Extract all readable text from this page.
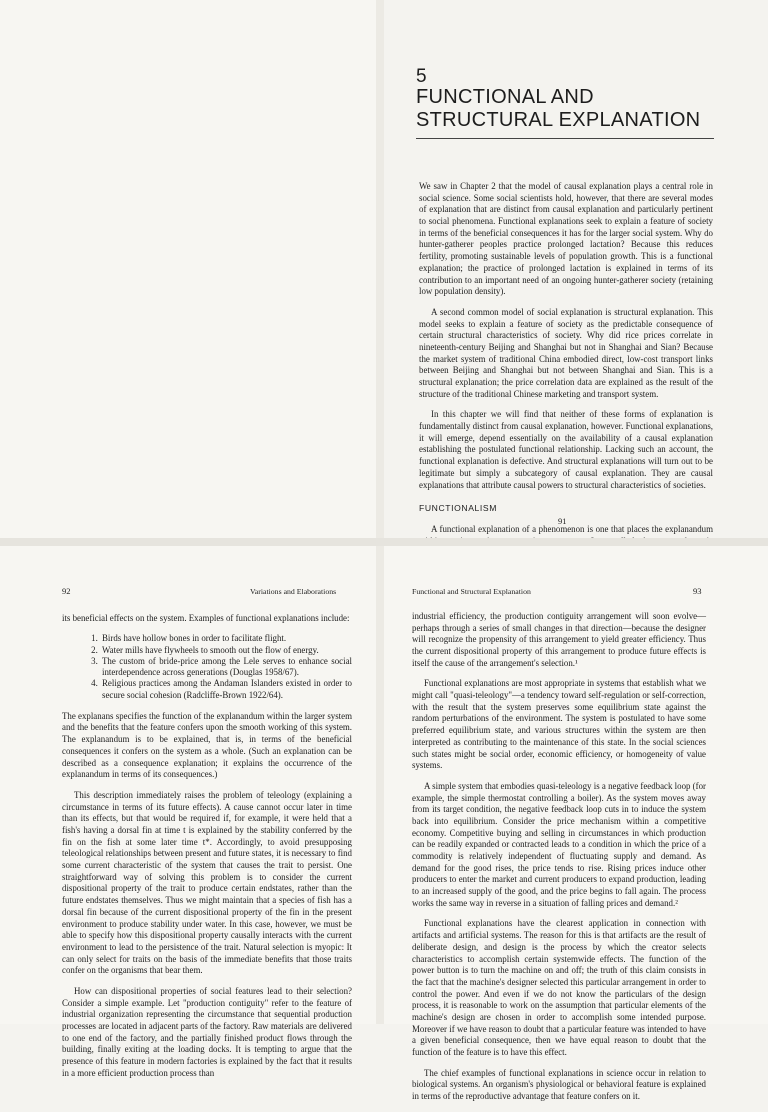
5
FUNCTIONAL AND
STRUCTURAL EXPLANATION

We saw in Chapter 2 that the model of causal explanation plays a central role in social science. Some social scientists hold, however, that there are several modes of explanation that are distinct from causal explanation and particularly pertinent to social phenomena. Functional explanations seek to explain a feature of society in terms of the beneficial consequences it has for the larger social system. Why do hunter-gatherer peoples practice prolonged lactation? Because this reduces fertility, promoting sustainable levels of population growth. This is a functional explanation; the practice of prolonged lactation is explained in terms of its contribution to an important need of an ongoing hunter-gatherer society (retaining low population density).

A second common model of social explanation is structural explanation. This model seeks to explain a feature of society as the predictable consequence of certain structural characteristics of society. Why did rice prices correlate in nineteenth-century Beijing and Shanghai but not in Shanghai and Sian? Because the market system of traditional China embodied direct, low-cost transport links between Beijing and Shanghai but not between Shanghai and Sian. This is a structural explanation; the price correlation data are explained as the result of the structure of the traditional Chinese marketing and transport system.

In this chapter we will find that neither of these forms of explanation is fundamentally distinct from causal explanation, however. Functional explanations, it will emerge, depend essentially on the availability of a causal explanation establishing the postulated functional relationship. Lacking such an account, the functional explanation is defective. And structural explanations will turn out to be legitimate but simply a subcategory of causal explanation. They are causal explanations that attribute causal powers to structural characteristics of societies.

FUNCTIONALISM

A functional explanation of a phenomenon is one that places the explanandum

91
92	Variations and Elaborations

its beneficial effects on the system. Examples of functional explanations include:

1. Birds have hollow bones in order to facilitate flight.
2. Water mills have flywheels to smooth out the flow of energy.
3. The custom of bride-price among the Lele serves to enhance social interdependence across generations (Douglas 1958/67).
4. Religious practices among the Andaman Islanders existed in order to secure social cohesion (Radcliffe-Brown 1922/64).

The explanans specifies the function of the explanandum within the larger system and the benefits that the feature confers upon the smooth working of this system. The explanandum is to be explained, that is, in terms of the beneficial consequences it confers on the system as a whole. (Such an explanation can be described as a consequence explanation; it explains the occurrence of the explanandum in terms of its consequences.)

This description immediately raises the problem of teleology (explaining a circumstance in terms of its future effects). A cause cannot occur later in time than its effects, but that would be required if, for example, it were held that a fish's having a dorsal fin at time t is explained by the stability conferred by the fin on the fish at some later time t*. Accordingly, to avoid presupposing teleological relationships between present and future states, it is necessary to find some current characteristic of the system that causes the trait to persist. One straightforward way of solving this problem is to consider the current dispositional property of the trait to produce certain endstates, rather than the future endstates themselves. Thus we might maintain that a species of fish has a dorsal fin because of the current dispositional property of the fin in the present environment to produce stability under water. In this case, however, we must be able to specify how this dispositional property causally interacts with the current environment to lead to the persistence of the trait. Natural selection is myopic: It can only select for traits on the basis of the immediate benefits that those traits confer on the organisms that bear them.

How can dispositional properties of social features lead to their selection? Consider a simple example. Let "production contiguity" refer to the feature of industrial organization representing the circumstance that sequential production processes are located in adjacent parts of the factory. Raw materials are delivered to one end of the factory, and the partially finished product flows through the building, finally exiting at the loading docks. It is tempting to argue that the presence of this feature in modern factories is explained by the fact that it results in a more efficient production process than

Functional and Structural Explanation	93

industrial efficiency, the production contiguity arrangement will soon evolve—perhaps through a series of small changes in that direction—because the designer will recognize the propensity of this arrangement to yield greater efficiency. Thus the current dispositional property of this arrangement to produce future effects is itself the cause of the arrangement's selection.¹

Functional explanations are most appropriate in systems that establish what we might call "quasi-teleology"—a tendency toward self-regulation or self-correction, with the result that the system preserves some equilibrium state against the random perturbations of the environment. The system is postulated to have some preferred equilibrium state, and various structures within the system are then interpreted as contributing to the maintenance of this state. In the social sciences such states might be social order, economic efficiency, or homogeneity of value systems.

A simple system that embodies quasi-teleology is a negative feedback loop (for example, the simple thermostat controlling a boiler). As the system moves away from its target condition, the negative feedback loop cuts in to induce the system back into equilibrium. Consider the price mechanism within a competitive economy. Competitive buying and selling in circumstances in which production can be readily expanded or contracted leads to a condition in which the price of a commodity is relatively independent of fluctuating supply and demand. As demand for the good rises, the price tends to rise. Rising prices induce other producers to enter the market and current producers to expand production, leading to an increased supply of the good, and the price begins to fall again. The process works the same way in reverse in a situation of falling prices and demand.²

Functional explanations have the clearest application in connection with artifacts and artificial systems. The reason for this is that artifacts are the result of deliberate design, and design is the process by which the creator selects characteristics to accomplish certain systemwide effects. The function of the power button is to turn the machine on and off; the truth of this claim consists in the fact that the machine's designer selected this particular arrangement in order to control the power. And even if we do not know the particulars of the design process, it is reasonable to work on the assumption that particular elements of the machine's design are chosen in order to accomplish some intended purpose. Moreover if we have reason to doubt that a particular feature was intended to have a given beneficial consequence, then we have equal reason to doubt that the function of the feature is to have this effect.

The chief examples of functional explanations in science occur in relation to biological systems. An organism's physiological or behavioral feature is explained in terms of the reproductive advantage that feature confers on it.
